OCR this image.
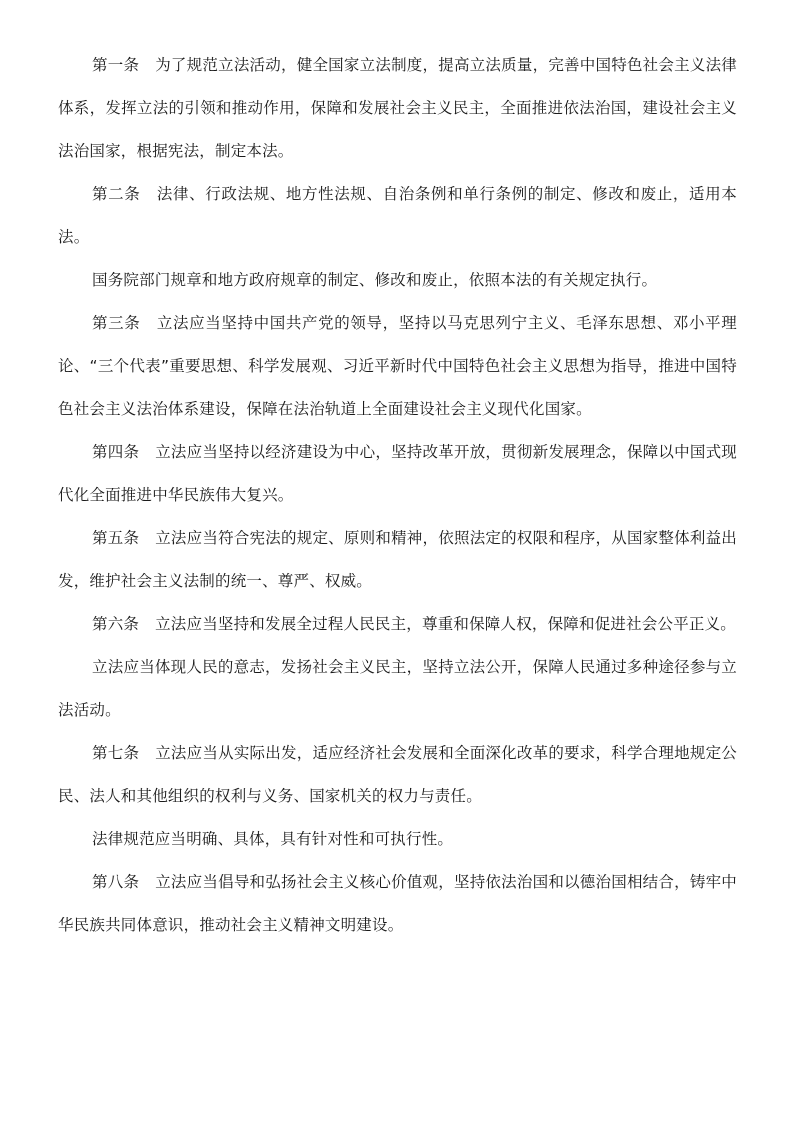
第一条 为了规范立法活动，健全国家立法制度，提高立法质量，完善中国特色社会主义法律体系，发挥立法的引领和推动作用，保障和发展社会主义民主，全面推进依法治国，建设社会主义法治国家，根据宪法，制定本法。

第二条 法律、行政法规、地方性法规、自治条例和单行条例的制定、修改和废止，适用本法。

国务院部门规章和地方政府规章的制定、修改和废止，依照本法的有关规定执行。

第三条 立法应当坚持中国共产党的领导，坚持以马克思列宁主义、毛泽东思想、邓小平理论、“三个代表”重要思想、科学发展观、习近平新时代中国特色社会主义思想为指导，推进中国特色社会主义法治体系建设，保障在法治轨道上全面建设社会主义现代化国家。

第四条 立法应当坚持以经济建设为中心，坚持改革开放，贯彻新发展理念，保障以中国式现代化全面推进中华民族伟大复兴。

第五条 立法应当符合宪法的规定、原则和精神，依照法定的权限和程序，从国家整体利益出发，维护社会主义法制的统一、尊严、权威。

第六条 立法应当坚持和发展全过程人民民主，尊重和保障人权，保障和促进社会公平正义。

立法应当体现人民的意志，发扬社会主义民主，坚持立法公开，保障人民通过多种途径参与立法活动。

第七条 立法应当从实际出发，适应经济社会发展和全面深化改革的要求，科学合理地规定公民、法人和其他组织的权利与义务、国家机关的权力与责任。

法律规范应当明确、具体，具有针对性和可执行性。

第八条 立法应当倡导和弘扬社会主义核心价值观，坚持依法治国和以德治国相结合，铸牢中华民族共同体意识，推动社会主义精神文明建设。
